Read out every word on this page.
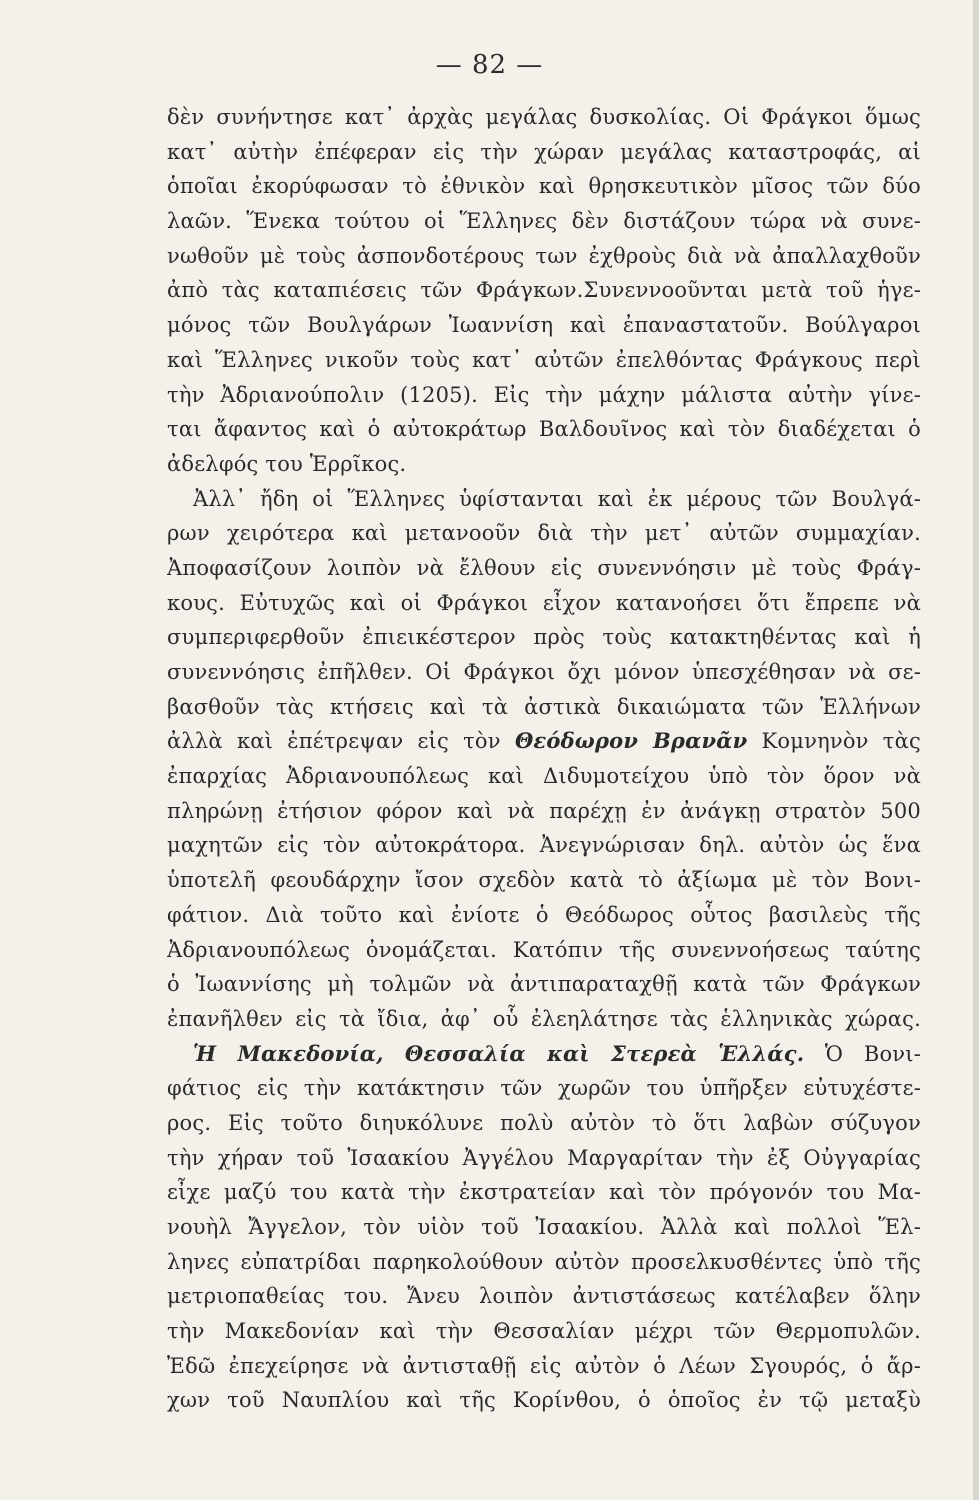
— 82 —
δὲν συνήντησε κατ᾽ ἀρχὰς μεγάλας δυσκολίας. Οἱ Φράγκοι ὅμως
κατ᾽ αὐτὴν ἐπέφεραν εἰς τὴν χώραν μεγάλας καταστροφάς, αἱ
ὁποῖαι ἐκορύφωσαν τὸ ἐθνικὸν καὶ θρησκευτικὸν μῖσος τῶν δύο
λαῶν. Ἕνεκα τούτου οἱ Ἕλληνες δὲν διστάζουν τώρα νὰ συνε-
νωθοῦν μὲ τοὺς ἀσπονδοτέρους των ἐχθροὺς διὰ νὰ ἀπαλλαχθοῦν
ἀπὸ τὰς καταπιέσεις τῶν Φράγκων.Συνεννοοῦνται μετὰ τοῦ ἡγε-
μόνος τῶν Βουλγάρων Ἰωαννίση καὶ ἐπαναστατοῦν. Βούλγαροι
καὶ Ἕλληνες νικοῦν τοὺς κατ᾽ αὐτῶν ἐπελθόντας Φράγκους περὶ
τὴν Ἀδριανούπολιν (1205). Εἰς τὴν μάχην μάλιστα αὐτὴν γίνε-
ται ἄφαντος καὶ ὁ αὐτοκράτωρ Βαλδουῖνος καὶ τὸν διαδέχεται ὁ
ἀδελφός του Ἑρρῖκος.
Ἀλλ᾽ ἤδη οἱ Ἕλληνες ὑφίστανται καὶ ἐκ μέρους τῶν Βουλγά-
ρων χειρότερα καὶ μετανοοῦν διὰ τὴν μετ᾽ αὐτῶν συμμαχίαν.
Ἀποφασίζουν λοιπὸν νὰ ἔλθουν εἰς συνεννόησιν μὲ τοὺς Φράγ-
κους. Εὐτυχῶς καὶ οἱ Φράγκοι εἶχον κατανοήσει ὅτι ἔπρεπε νὰ
συμπεριφερθοῦν ἐπιεικέστερον πρὸς τοὺς κατακτηθέντας καὶ ἡ
συνεννόησις ἐπῆλθεν. Οἱ Φράγκοι ὄχι μόνον ὑπεσχέθησαν νὰ σε-
βασθοῦν τὰς κτήσεις καὶ τὰ ἀστικὰ δικαιώματα τῶν Ἑλλήνων
ἀλλὰ καὶ ἐπέτρεψαν εἰς τὸν Θεόδωρον Βρανᾶν Κομνηνὸν τὰς
ἐπαρχίας Ἀδριανουπόλεως καὶ Διδυμοτείχου ὑπὸ τὸν ὅρον νὰ
πληρώνῃ ἐτήσιον φόρον καὶ νὰ παρέχῃ ἐν ἀνάγκῃ στρατὸν 500
μαχητῶν εἰς τὸν αὐτοκράτορα. Ἀνεγνώρισαν δηλ. αὐτὸν ὡς ἕνα
ὑποτελῆ φεουδάρχην ἴσον σχεδὸν κατὰ τὸ ἀξίωμα μὲ τὸν Βονι-
φάτιον. Διὰ τοῦτο καὶ ἐνίοτε ὁ Θεόδωρος οὗτος βασιλεὺς τῆς
Ἀδριανουπόλεως ὀνομάζεται. Κατόπιν τῆς συνεννοήσεως ταύτης
ὁ Ἰωαννίσης μὴ τολμῶν νὰ ἀντιπαραταχθῇ κατὰ τῶν Φράγκων
ἐπανῆλθεν εἰς τὰ ἴδια, ἀφ᾽ οὗ ἐλεηλάτησε τὰς ἑλληνικὰς χώρας.
Ἡ Μακεδονία, Θεσσαλία καὶ Στερεὰ Ἑλλάς. Ὁ Βονι-
φάτιος εἰς τὴν κατάκτησιν τῶν χωρῶν του ὑπῆρξεν εὐτυχέστε-
ρος. Εἰς τοῦτο διηυκόλυνε πολὺ αὐτὸν τὸ ὅτι λαβὼν σύζυγον
τὴν χήραν τοῦ Ἰσαακίου Ἀγγέλου Μαργαρίταν τὴν ἐξ Οὐγγαρίας
εἶχε μαζύ του κατὰ τὴν ἐκστρατείαν καὶ τὸν πρόγονόν του Μα-
νουὴλ Ἄγγελον, τὸν υἱὸν τοῦ Ἰσαακίου. Ἀλλὰ καὶ πολλοὶ Ἕλ-
ληνες εὐπατρίδαι παρηκολούθουν αὐτὸν προσελκυσθέντες ὑπὸ τῆς
μετριοπαθείας του. Ἄνευ λοιπὸν ἀντιστάσεως κατέλαβεν ὅλην
τὴν Μακεδονίαν καὶ τὴν Θεσσαλίαν μέχρι τῶν Θερμοπυλῶν.
Ἐδῶ ἐπεχείρησε νὰ ἀντισταθῇ εἰς αὐτὸν ὁ Λέων Σγουρός, ὁ ἄρ-
χων τοῦ Ναυπλίου καὶ τῆς Κορίνθου, ὁ ὁποῖος ἐν τῷ μεταξὺ
